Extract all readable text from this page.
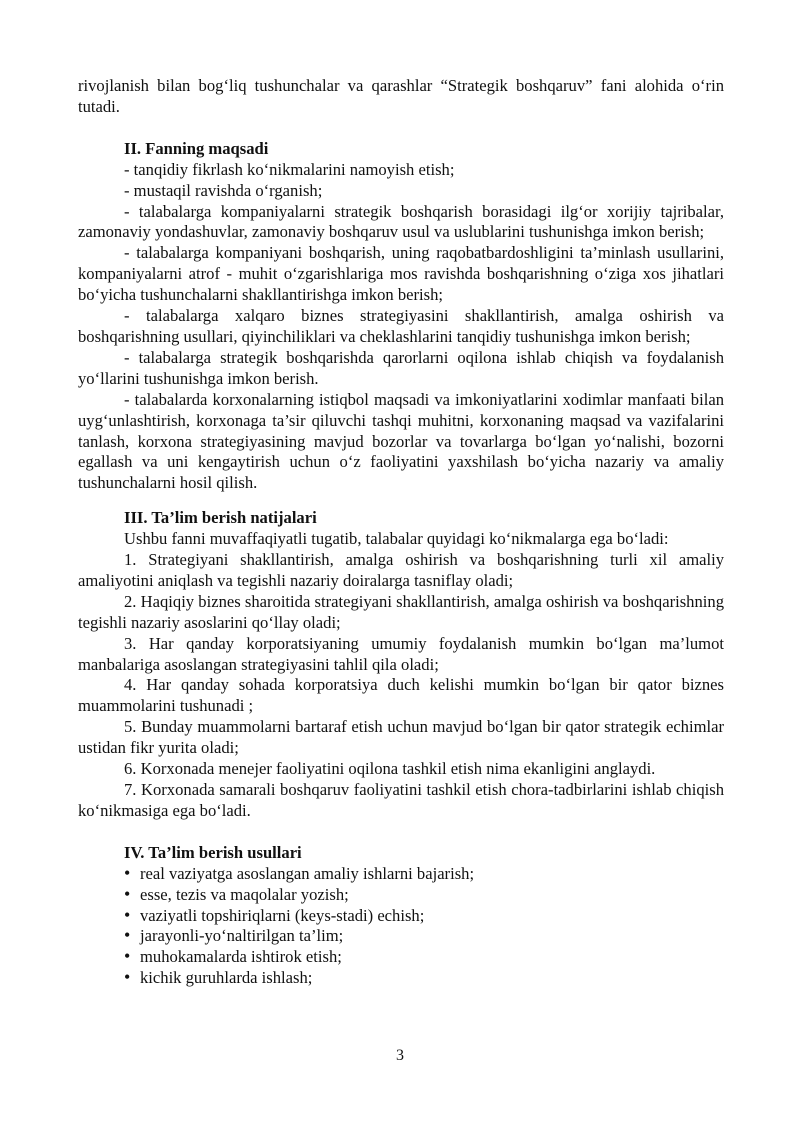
rivojlanish bilan bog‘liq tushunchalar va qarashlar “Strategik boshqaruv” fani alohida o‘rin tutadi.

II. Fanning maqsadi

- tanqidiy fikrlash ko‘nikmalarini namoyish etish;

- mustaqil ravishda o‘rganish;

- talabalarga kompaniyalarni strategik boshqarish borasidagi ilg‘or xorijiy tajribalar, zamonaviy yondashuvlar, zamonaviy boshqaruv usul va uslublarini tushunishga imkon berish;

- talabalarga kompaniyani boshqarish, uning raqobatbardoshligini ta’minlash usullarini, kompaniyalarni atrof - muhit o‘zgarishlariga mos ravishda boshqarishning o‘ziga xos jihatlari bo‘yicha tushunchalarni shakllantirishga imkon berish;

- talabalarga xalqaro biznes strategiyasini shakllantirish, amalga oshirish va boshqarishning usullari, qiyinchiliklari va cheklashlarini tanqidiy tushunishga imkon berish;

- talabalarga strategik boshqarishda qarorlarni oqilona ishlab chiqish va foydalanish yo‘llarini tushunishga imkon berish.

- talabalarda korxonalarning istiqbol maqsadi va imkoniyatlarini xodimlar manfaati bilan uyg‘unlashtirish, korxonaga ta’sir qiluvchi tashqi muhitni, korxonaning maqsad va vazifalarini tanlash, korxona strategiyasining mavjud bozorlar va tovarlarga bo‘lgan yo‘nalishi, bozorni egallash va uni kengaytirish uchun o‘z faoliyatini yaxshilash bo‘yicha nazariy va amaliy tushunchalarni hosil qilish.

III. Ta’lim berish natijalari

Ushbu fanni muvaffaqiyatli tugatib, talabalar quyidagi ko‘nikmalarga ega bo‘ladi:

1. Strategiyani shakllantirish, amalga oshirish va boshqarishning turli xil amaliy amaliyotini aniqlash va tegishli nazariy doiralarga tasniflay oladi;

2. Haqiqiy biznes sharoitida strategiyani shakllantirish, amalga oshirish va boshqarishning tegishli nazariy asoslarini qo‘llay oladi;

3. Har qanday korporatsiyaning umumiy foydalanish mumkin bo‘lgan ma’lumot manbalariga asoslangan strategiyasini tahlil qila oladi;

4. Har qanday sohada korporatsiya duch kelishi mumkin bo‘lgan bir qator biznes muammolarini tushunadi ;

5. Bunday muammolarni bartaraf etish uchun mavjud bo‘lgan bir qator strategik echimlar ustidan fikr yurita oladi;

6. Korxonada menejer faoliyatini oqilona tashkil etish nima ekanligini anglaydi.

7. Korxonada samarali boshqaruv faoliyatini tashkil etish chora-tadbirlarini ishlab chiqish ko‘nikmasiga ega bo‘ladi.

IV. Ta’lim berish usullari
• real vaziyatga asoslangan amaliy ishlarni bajarish;
• esse, tezis va maqolalar yozish;
• vaziyatli topshiriqlarni (keys-stadi) echish;
• jarayonli-yo‘naltirilgan ta’lim;
• muhokamalarda ishtirok etish;
• kichik guruhlarda ishlash;
3
